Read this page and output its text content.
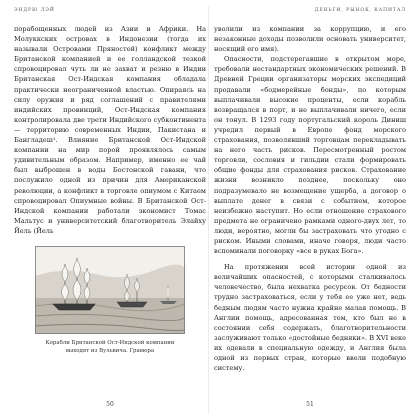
ЭНДРЮ ЛЭЙ

порабощенных людей из Азии и Африки. На Молуккских островах в Индонезии (тогда их называли Островами Пряностей) конфликт между Британской компанией и ее голландской тезкой спровоцировал чуть ли не захват и резню в Индии Британская Ост-Индская компания обладала практически неограниченной властью. Опираясь на силу оружия и ряд соглашений с правителями индийских провинций, Ост-Индская компания контролировала две трети Индийского субконтинента — территорию современных Индии, Пакистана и Бангладеш¹. Влияние Британской Ост-Индской компании на мир порой проявлялось самым удивительным образом. Например, именно ее чай был выброшен в воды Бостонской гавани, что послужило одной из причин для Американской революции, а конфликт в торговле опиумом с Китаем спровоцировал Опиумные войны. В Британской Ост-Индской компании работали экономист Томас Мальтус и университетский благотворитель Элайху Йель (Йель

Корабли Британской Ост-Индской компании
выходят из Вульвича. Гравюра
50
ДЕНЬГИ, РЫНОК, КАПИТАЛ

уволили из компании за коррупцию, и его незаконные доходы позволили основать университет, носящий его имя).

Опасности, подстерегавшие в открытом море, требовали нестандартных экономических решений. В Древней Греции организаторы морских экспедиций продавали «бодмерейные бонды», по которым выплачивали высокие проценты, если корабль возвращался в порт, и не выплачивали ничего, если он тонул. В 1293 году португальский король Диниш учредил первый в Европе фонд морского страхования, позволявший торговцам перекладывать на него часть рисков. Пересмотренный ростом торговли, сословия и гильдии стали формировать общие фонды для страхования рисков. Страхование жизни возникло позднее, поскольку оно подразумевало не возмещение ущерба, а договор о выплате денег в связи с событием, которое неизбежно наступит. Но если отношение страхового предмета не ограничено рамками одного-двух лет, то люди, вероятно, могли бы застраховать что угодно с риском. Иными словами, иначе говоря, люди часто вспоминали поговорку «все в руках Бога».

На протяжении всей истории одной из величайших опасностей, с которыми сталкивалось человечество, была нехватка ресурсов. От бедности трудно застраховаться, если у тебя ее уже нет, ведь бедным людям часто нужна крайне малая помощь. В Англии помощь, адресованная тем, кто был не в состоянии себя содержать, благотворительности заслуживают только «достойные бедняки». В XVI веке их одевали в специальную одежду, и Англия была одной из первых стран, которые ввели подобную систему.

51
